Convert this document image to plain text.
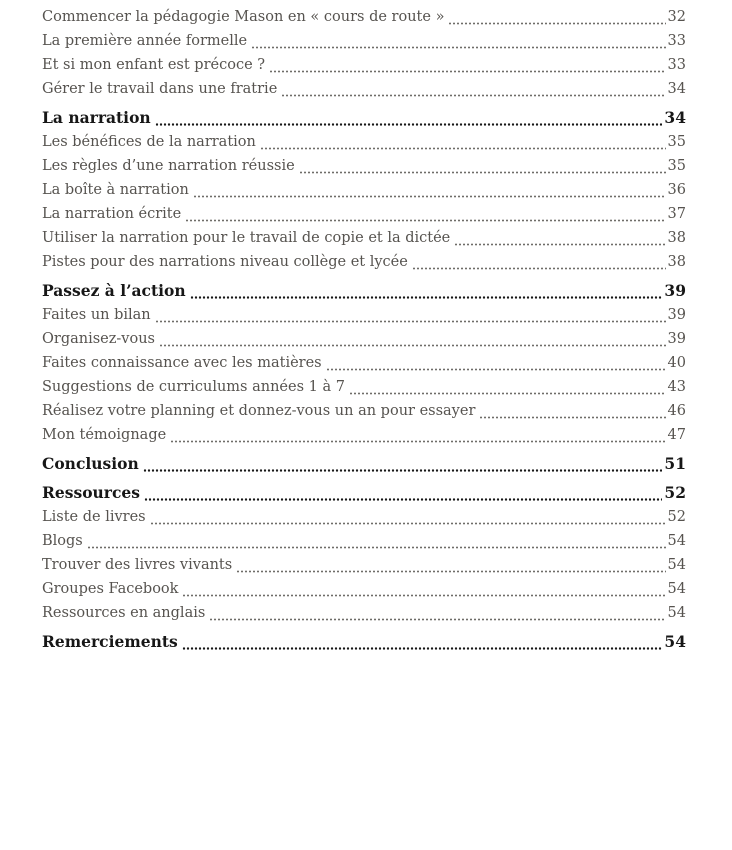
Commencer la pédagogie Mason en « cours de route »	32
La première année formelle	33
Et si mon enfant est précoce ?	33
Gérer le travail dans une fratrie	34
La narration	34
Les bénéfices de la narration	35
Les règles d’une narration réussie	35
La boîte à narration	36
La narration écrite	37
Utiliser la narration pour le travail de copie et la dictée	38
Pistes pour des narrations niveau collège et lycée	38
Passez à l’action	39
Faites un bilan	39
Organisez-vous	39
Faites connaissance avec les matières	40
Suggestions de curriculums années 1 à 7	43
Réalisez votre planning et donnez-vous un an pour essayer	46
Mon témoignage	47
Conclusion	51
Ressources	52
Liste de livres	52
Blogs	54
Trouver des livres vivants	54
Groupes Facebook	54
Ressources en anglais	54
Remerciements	54
